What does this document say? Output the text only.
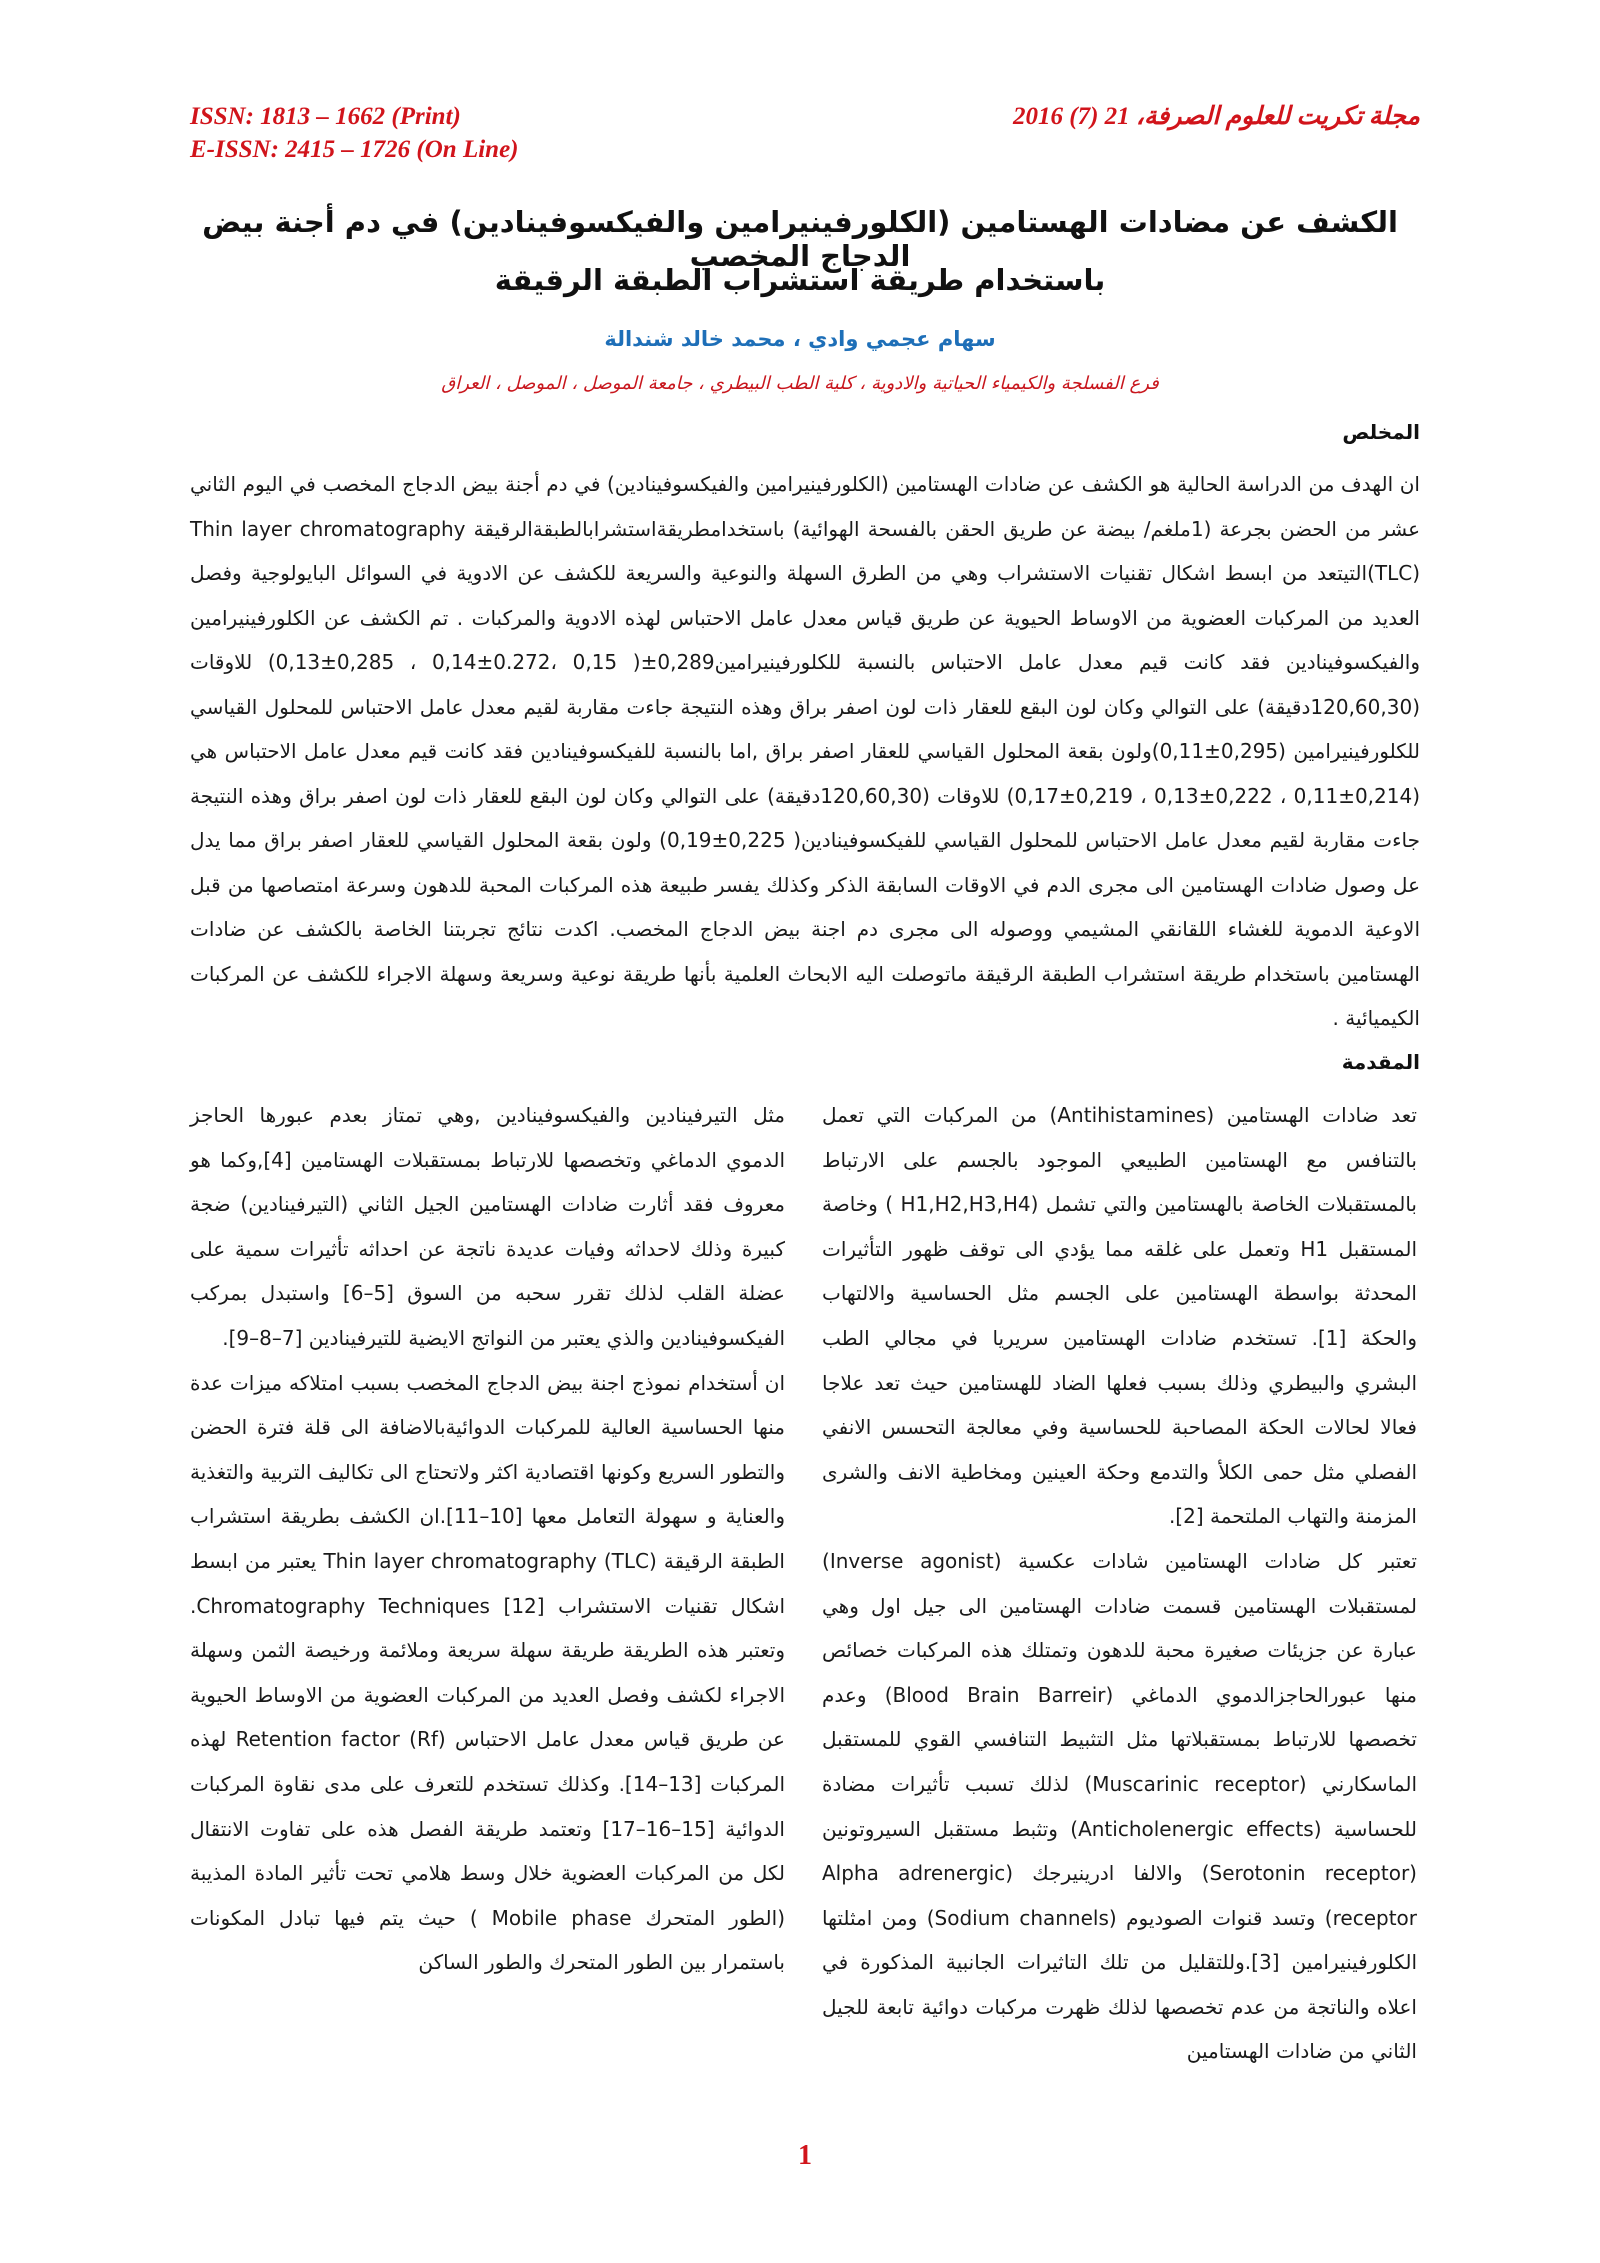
ISSN: 1813 – 1662 (Print)
E-ISSN: 2415 – 1726 (On Line)
مجلة تكريت للعلوم الصرفة، 21 (7) 2016
الكشف عن مضادات الهستامين (الكلورفينيرامين والفيكسوفينادين) في دم أجنة بيض الدجاج المخصب
باستخدام طريقة استشراب الطبقة الرقيقة
سهام عجمي وادي ، محمد خالد شندالة
فرع الفسلجة والكيمياء الحياتية والادوية ، كلية الطب البيطري ، جامعة الموصل ، الموصل ، العراق
المخلص
ان الهدف من الدراسة الحالية هو الكشف عن ضادات الهستامين (الكلورفينيرامين والفيكسوفينادين) في دم أجنة بيض الدجاج المخصب في اليوم الثاني عشر من الحضن بجرعة (1ملغم/ بيضة عن طريق الحقن بالفسحة الهوائية) باستخدامطريقةاستشرابالطبقةالرقيقة Thin layer chromatography (TLC)التيتعد من ابسط اشكال تقنيات الاستشراب وهي من الطرق السهلة والنوعية والسريعة للكشف عن الادوية في السوائل البايولوجية وفصل العديد من المركبات العضوية من الاوساط الحيوية عن طريق قياس معدل عامل الاحتباس لهذه الادوية والمركبات . تم الكشف عن الكلورفينيرامين والفيكسوفينادين فقد كانت قيم معدل عامل الاحتباس بالنسبة للكلورفينيرامين0,289±( 0,15 ،0.272±0,14 ، 0,285±0,13) للاوقات (120,60,30دقيقة) على التوالي وكان لون البقع للعقار ذات لون اصفر براق وهذه النتيجة جاءت مقاربة لقيم معدل عامل الاحتباس للمحلول القياسي للكلورفينيرامين (0,295±0,11)ولون بقعة المحلول القياسي للعقار اصفر براق ,اما بالنسبة للفيكسوفينادين فقد كانت قيم معدل عامل الاحتباس هي (0,214±0,11 ، 0,222±0,13 ، 0,219±0,17) للاوقات (120,60,30دقيقة) على التوالي وكان لون البقع للعقار ذات لون اصفر براق وهذه النتيجة جاءت مقاربة لقيم معدل عامل الاحتباس للمحلول القياسي للفيكسوفينادين( 0,225±0,19) ولون بقعة المحلول القياسي للعقار اصفر براق مما يدل عل وصول ضادات الهستامين الى مجرى الدم في الاوقات السابقة الذكر وكذلك يفسر طبيعة هذه المركبات المحبة للدهون وسرعة امتصاصها من قبل الاوعية الدموية للغشاء اللقانقي المشيمي ووصوله الى مجرى دم اجنة بيض الدجاج المخصب. اكدت نتائج تجربتنا الخاصة بالكشف عن ضادات الهستامين باستخدام طريقة استشراب الطبقة الرقيقة ماتوصلت اليه الابحاث العلمية بأنها طريقة نوعية وسريعة وسهلة الاجراء للكشف عن المركبات الكيميائية .
المقدمة

تعد ضادات الهستامين (Antihistamines) من المركبات التي تعمل بالتنافس مع الهستامين الطبيعي الموجود بالجسم على الارتباط بالمستقبلات الخاصة بالهستامين والتي تشمل (H1,H2,H3,H4 ) وخاصة المستقبل H1 وتعمل على غلقه مما يؤدي الى توقف ظهور التأثيرات المحدثة بواسطة الهستامين على الجسم مثل الحساسية والالتهاب والحكة [1]. تستخدم ضادات الهستامين سريريا في مجالي الطب البشري والبيطري وذلك بسبب فعلها الضاد للهستامين حيث تعد علاجا فعالا لحالات الحكة المصاحبة للحساسية وفي معالجة التحسس الانفي الفصلي مثل حمى الكلأ والتدمع وحكة العينين ومخاطية الانف والشرى المزمنة والتهاب الملتحمة [2].

تعتبر كل ضادات الهستامين شادات عكسية (Inverse agonist) لمستقبلات الهستامين قسمت ضادات الهستامين الى جيل اول وهي عبارة عن جزيئات صغيرة محبة للدهون وتمتلك هذه المركبات خصائص منها عبورالحاجزالدموي الدماغي (Blood Brain Barreir) وعدم تخصصها للارتباط بمستقبلاتها مثل التثبيط التنافسي القوي للمستقبل الماسكارني (Muscarinic receptor) لذلك تسبب تأثيرات مضادة للحساسية (Anticholenergic effects) وتثبط مستقبل السيروتونين (Serotonin receptor) والالفا ادرينيرجك (Alpha adrenergic receptor) وتسد قنوات الصوديوم (Sodium channels) ومن امثلتها الكلورفينيرامين [3].وللتقليل من تلك التاثيرات الجانبية المذكورة في اعلاه والناتجة من عدم تخصصها لذلك ظهرت مركبات دوائية تابعة للجيل الثاني من ضادات الهستامين

مثل التيرفينادين والفيكسوفينادين ,وهي تمتاز بعدم عبورها الحاجز الدموي الدماغي وتخصصها للارتباط بمستقبلات الهستامين [4],وكما هو معروف فقد أثارت ضادات الهستامين الجيل الثاني (التيرفينادين) ضجة كبيرة وذلك لاحداثه وفيات عديدة ناتجة عن احداثه تأثيرات سمية على عضلة القلب لذلك تقرر سحبه من السوق [5–6] واستبدل بمركب الفيكسوفينادين والذي يعتبر من النواتج الايضية للتيرفينادين [7–8–9].

ان أستخدام نموذج اجنة بيض الدجاج المخصب بسبب امتلاكه ميزات عدة منها الحساسية العالية للمركبات الدوائيةبالاضافة الى قلة فترة الحضن والتطور السريع وكونها اقتصادية اكثر ولاتحتاج الى تكاليف التربية والتغذية والعناية و سهولة التعامل معها [10–11].ان الكشف بطريقة استشراب الطبقة الرقيقة Thin layer chromatography (TLC) يعتبر من ابسط اشكال تقنيات الاستشراب Chromatography Techniques [12]. وتعتبر هذه الطريقة طريقة سهلة سريعة وملائمة ورخيصة الثمن وسهلة الاجراء لكشف وفصل العديد من المركبات العضوية من الاوساط الحيوية عن طريق قياس معدل عامل الاحتباس Retention factor (Rf) لهذه المركبات [13–14]. وكذلك تستخدم للتعرف على مدى نقاوة المركبات الدوائية [15–16–17] وتعتمد طريقة الفصل هذه على تفاوت الانتقال لكل من المركبات العضوية خلال وسط هلامي تحت تأثير المادة المذيبة (الطور المتحرك Mobile phase ) حيث يتم فيها تبادل المكونات باستمرار بين الطور المتحرك والطور الساكن

1
